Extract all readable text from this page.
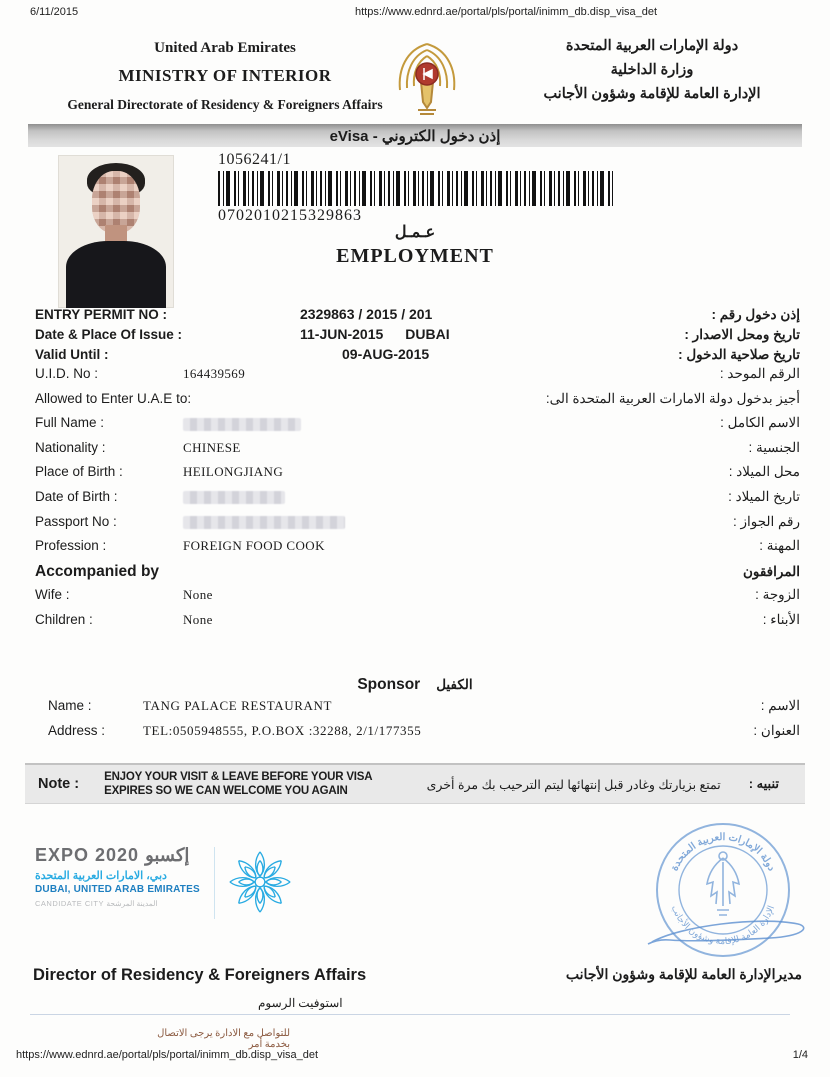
6/11/2015	https://www.ednrd.ae/portal/pls/portal/inimm_db.disp_visa_det
United Arab Emirates
MINISTRY OF INTERIOR
General Directorate of Residency & Foreigners Affairs
دولة الإمارات العربية المتحدة
وزارة الداخلية
الإدارة العامة للإقامة وشؤون الأجانب
eVisa - إذن دخول الكتروني
1056241/1
0702010215329863
عـمـل
EMPLOYMENT
ENTRY PERMIT NO :	2329863 / 2015 / 201	إذن دخول رقم :
Date & Place Of Issue :	11-JUN-2015 DUBAI	تاريخ ومحل الاصدار :
Valid Until :	09-AUG-2015	تاريخ صلاحية الدخول :
U.I.D. No :	164439569	الرقم الموحد :
Allowed to Enter U.A.E to:	أجيز بدخول دولة الامارات العربية المتحدة الى:
Full Name :	الاسم الكامل :
Nationality :	CHINESE	الجنسية :
Place of Birth :	HEILONGJIANG	محل الميلاد :
Date of Birth :	تاريخ الميلاد :
Passport No :	رقم الجواز :
Profession :	FOREIGN FOOD COOK	المهنة :
Accompanied by	المرافقون
Wife :	None	الزوجة :
Children :	None	الأبناء :
Sponsor الكفيل
Name :	TANG PALACE RESTAURANT	الاسم :
Address :	TEL:0505948555, P.O.BOX :32288, 2/1/177355	العنوان :
Note : ENJOY YOUR VISIT & LEAVE BEFORE YOUR VISA
EXPIRES SO WE CAN WELCOME YOU AGAIN	تمتع بزيارتك وغادر قبل إنتهائها ليتم الترحيب بك مرة أخرى تنبيه :
EXPO 2020 إكسبو
دبي، الامارات العربية المتحدة
DUBAI, UNITED ARAB EMIRATES
CANDIDATE CITY المدينة المرشحة
دولة الإمارات العربية المتحدة
الإدارة العامة للإقامة وشؤون الأجانب
Director of Residency & Foreigners Affairs	مديرالإدارة العامة للإقامة وشؤون الأجانب
استوفيت الرسوم
للتواصل مع الادارة يرجى الاتصال بخدمة أمر
https://www.ednrd.ae/portal/pls/portal/inimm_db.disp_visa_det	1/4
